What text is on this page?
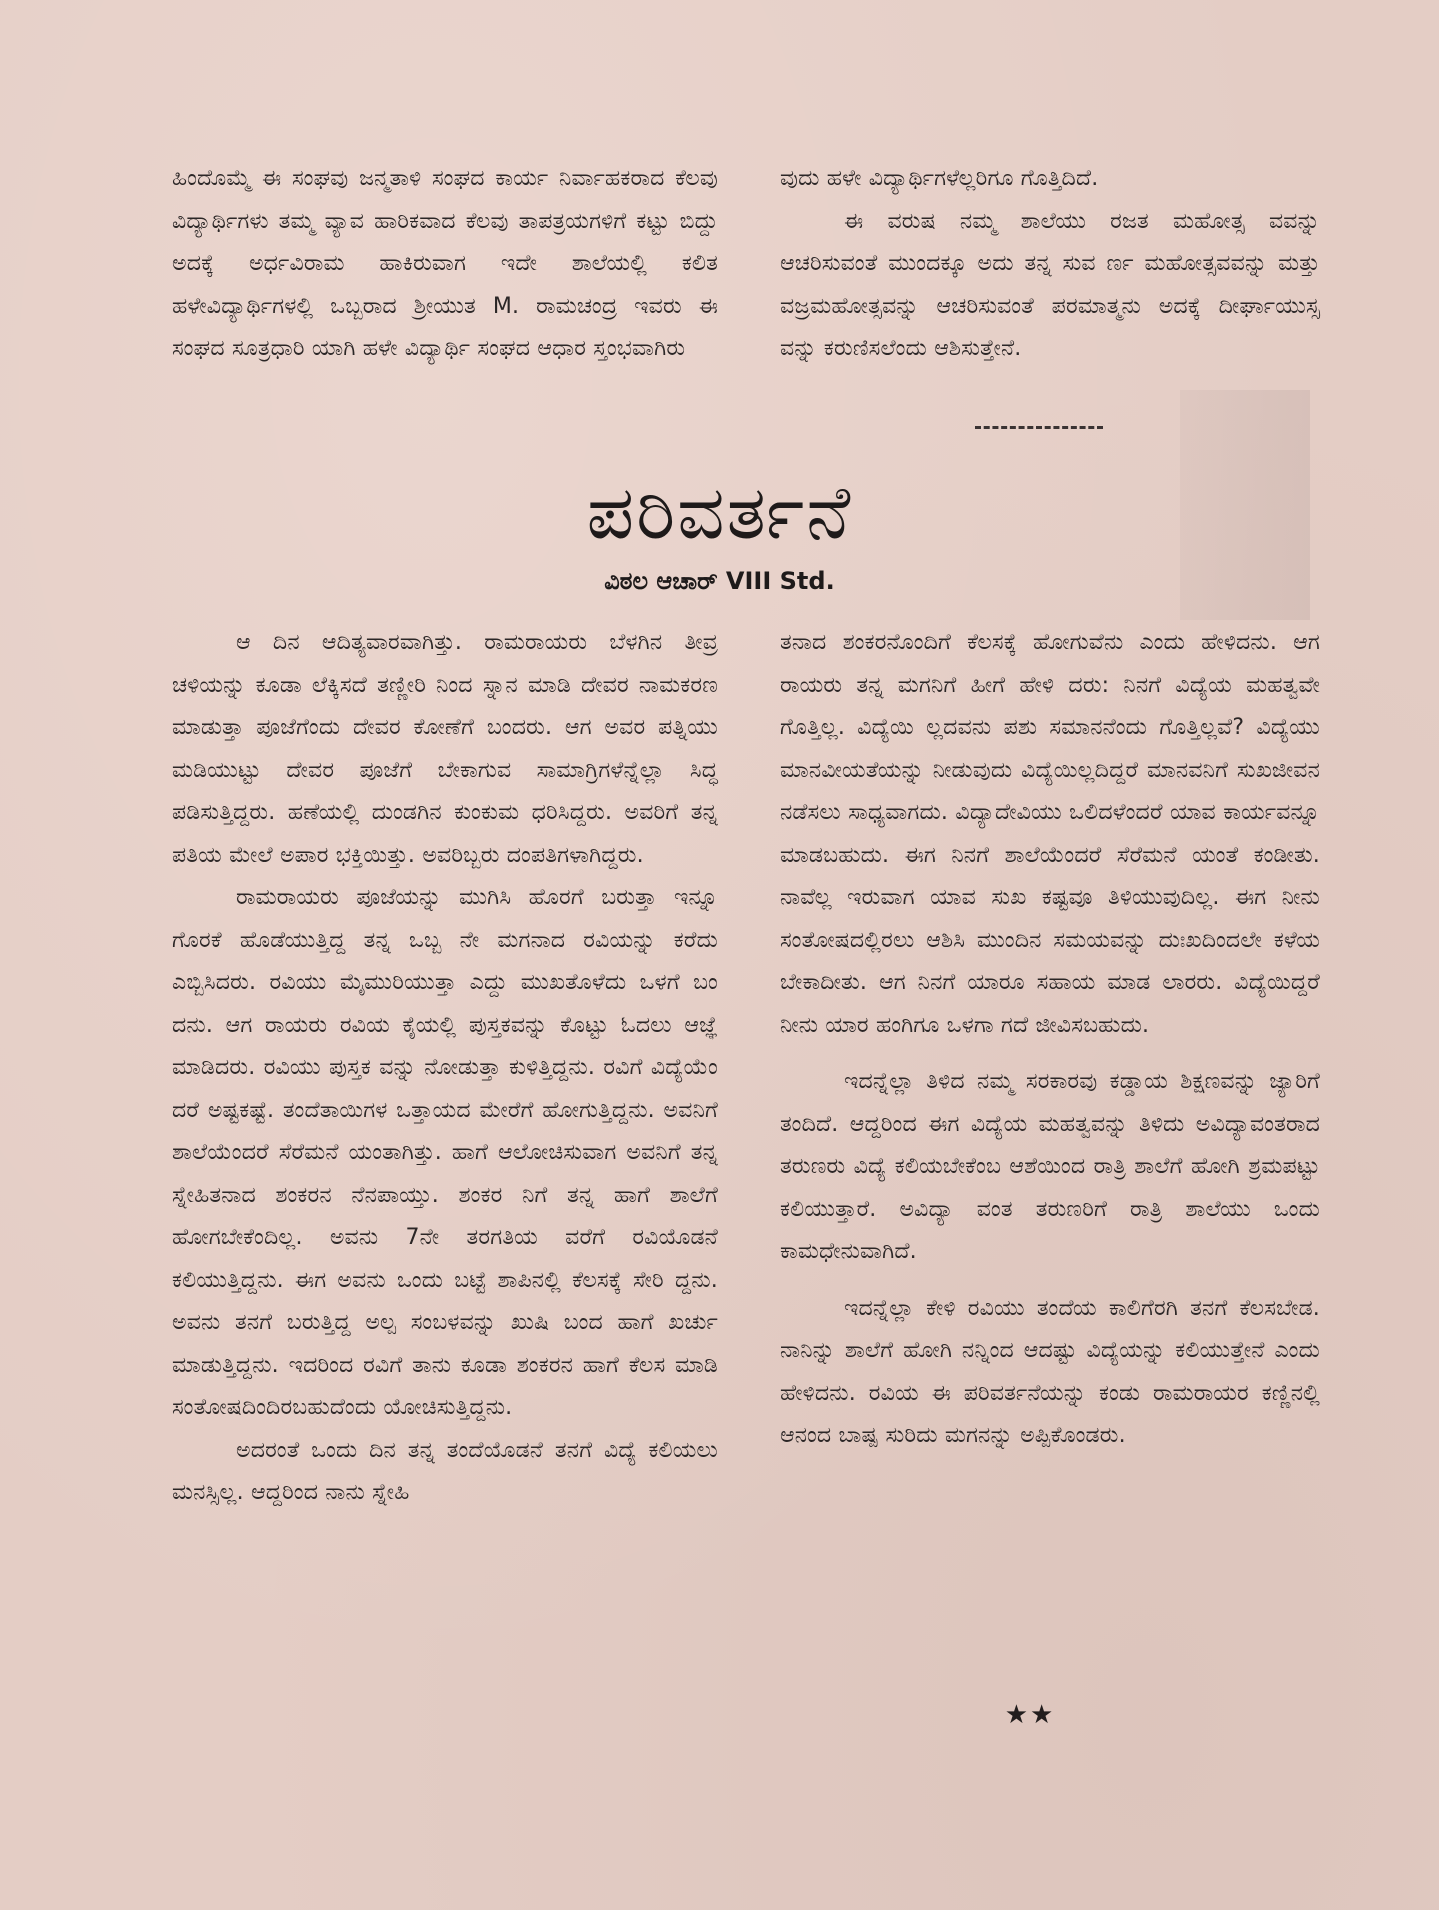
ಹಿಂದೊಮ್ಮೆ ಈ ಸಂಘವು ಜನ್ಮತಾಳಿ ಸಂಘದ ಕಾರ್ಯ ನಿರ್ವಾಹಕರಾದ ಕೆಲವು ವಿದ್ಯಾರ್ಥಿಗಳು ತಮ್ಮ ವ್ಯಾವ ಹಾರಿಕವಾದ ಕೆಲವು ತಾಪತ್ರಯಗಳಿಗೆ ಕಟ್ಟು ಬಿದ್ದು ಅದಕ್ಕೆ ಅರ್ಧವಿರಾಮ ಹಾಕಿರುವಾಗ ಇದೇ ಶಾಲೆಯಲ್ಲಿ ಕಲಿತ ಹಳೇವಿದ್ಯಾರ್ಥಿಗಳಲ್ಲಿ ಒಬ್ಬರಾದ ಶ್ರೀಯುತ M. ರಾಮಚಂದ್ರ ಇವರು ಈ ಸಂಘದ ಸೂತ್ರಧಾರಿ ಯಾಗಿ ಹಳೇ ವಿದ್ಯಾರ್ಥಿ ಸಂಘದ ಆಧಾರ ಸ್ತಂಭವಾಗಿರು

ವುದು ಹಳೇ ವಿದ್ಯಾರ್ಥಿಗಳೆಲ್ಲರಿಗೂ ಗೊತ್ತಿದಿದೆ.

ಈ ವರುಷ ನಮ್ಮ ಶಾಲೆಯು ರಜತ ಮಹೋತ್ಸ ವವನ್ನು ಆಚರಿಸುವಂತೆ ಮುಂದಕ್ಕೂ ಅದು ತನ್ನ ಸುವ ರ್ಣ ಮಹೋತ್ಸವವನ್ನು ಮತ್ತು ವಜ್ರಮಹೋತ್ಸವನ್ನು ಆಚರಿಸುವಂತೆ ಪರಮಾತ್ಮನು ಅದಕ್ಕೆ ದೀರ್ಘಾಯುಸ್ಸ ವನ್ನು ಕರುಣಿಸಲೆಂದು ಆಶಿಸುತ್ತೇನೆ.

ಪರಿವರ್ತನೆ
ವಿಠಲ ಆಚಾರ್ VIII Std.

ಆ ದಿನ ಆದಿತ್ಯವಾರವಾಗಿತ್ತು. ರಾಮರಾಯರು ಬೆಳಗಿನ ತೀವ್ರ ಚಳಿಯನ್ನು ಕೂಡಾ ಲೆಕ್ಕಿಸದೆ ತಣ್ಣೀರಿ ನಿಂದ ಸ್ನಾನ ಮಾಡಿ ದೇವರ ನಾಮಕರಣ ಮಾಡುತ್ತಾ ಪೂಜೆಗೆಂದು ದೇವರ ಕೋಣೆಗೆ ಬಂದರು. ಆಗ ಅವರ ಪತ್ನಿಯು ಮಡಿಯುಟ್ಟು ದೇವರ ಪೂಜೆಗೆ ಬೇಕಾಗುವ ಸಾಮಾಗ್ರಿಗಳೆನ್ನೆಲ್ಲಾ ಸಿದ್ಧ ಪಡಿಸುತ್ತಿದ್ದರು. ಹಣೆಯಲ್ಲಿ ದುಂಡಗಿನ ಕುಂಕುಮ ಧರಿಸಿದ್ದರು. ಅವರಿಗೆ ತನ್ನ ಪತಿಯ ಮೇಲೆ ಅಪಾರ ಭಕ್ತಿಯಿತ್ತು. ಅವರಿಬ್ಬರು ದಂಪತಿಗಳಾಗಿದ್ದರು.

ರಾಮರಾಯರು ಪೂಜೆಯನ್ನು ಮುಗಿಸಿ ಹೊರಗೆ ಬರುತ್ತಾ ಇನ್ನೂ ಗೊರಕೆ ಹೊಡೆಯುತ್ತಿದ್ದ ತನ್ನ ಒಬ್ಬ ನೇ ಮಗನಾದ ರವಿಯನ್ನು ಕರೆದು ಎಬ್ಬಿಸಿದರು. ರವಿಯು ಮೈಮುರಿಯುತ್ತಾ ಎದ್ದು ಮುಖತೊಳೆದು ಒಳಗೆ ಬಂ ದನು. ಆಗ ರಾಯರು ರವಿಯ ಕೈಯಲ್ಲಿ ಪುಸ್ತಕವನ್ನು ಕೊಟ್ಟು ಓದಲು ಆಜ್ಞೆ ಮಾಡಿದರು. ರವಿಯು ಪುಸ್ತಕ ವನ್ನು ನೋಡುತ್ತಾ ಕುಳಿತ್ತಿದ್ದನು. ರವಿಗೆ ವಿದ್ಯೆಯೆಂ ದರೆ ಅಷ್ಟಕಷ್ಟೆ. ತಂದೆತಾಯಿಗಳ ಒತ್ತಾಯದ ಮೇರೆಗೆ ಹೋಗುತ್ತಿದ್ದನು. ಅವನಿಗೆ ಶಾಲೆಯೆಂದರೆ ಸೆರೆಮನೆ ಯಂತಾಗಿತ್ತು. ಹಾಗೆ ಆಲೋಚಿಸುವಾಗ ಅವನಿಗೆ ತನ್ನ ಸ್ನೇಹಿತನಾದ ಶಂಕರನ ನೆನಪಾಯ್ತು. ಶಂಕರ ನಿಗೆ ತನ್ನ ಹಾಗೆ ಶಾಲೆಗೆ ಹೋಗಬೇಕೆಂದಿಲ್ಲ. ಅವನು 7ನೇ ತರಗತಿಯ ವರೆಗೆ ರವಿಯೊಡನೆ ಕಲಿಯುತ್ತಿದ್ದನು. ಈಗ ಅವನು ಒಂದು ಬಟ್ಟೆ ಶಾಪಿನಲ್ಲಿ ಕೆಲಸಕ್ಕೆ ಸೇರಿ ದ್ದನು. ಅವನು ತನಗೆ ಬರುತ್ತಿದ್ದ ಅಲ್ಪ ಸಂಬಳವನ್ನು ಖುಷಿ ಬಂದ ಹಾಗೆ ಖರ್ಚು ಮಾಡುತ್ತಿದ್ದನು. ಇದರಿಂದ ರವಿಗೆ ತಾನು ಕೂಡಾ ಶಂಕರನ ಹಾಗೆ ಕೆಲಸ ಮಾಡಿ ಸಂತೋಷದಿಂದಿರಬಹುದೆಂದು ಯೋಚಿಸುತ್ತಿದ್ದನು.

ಅದರಂತೆ ಒಂದು ದಿನ ತನ್ನ ತಂದೆಯೊಡನೆ ತನಗೆ ವಿದ್ಯೆ ಕಲಿಯಲು ಮನಸ್ಸಿಲ್ಲ. ಆದ್ದರಿಂದ ನಾನು ಸ್ನೇಹಿ

ತನಾದ ಶಂಕರನೊಂದಿಗೆ ಕೆಲಸಕ್ಕೆ ಹೋಗುವೆನು ಎಂದು ಹೇಳಿದನು. ಆಗ ರಾಯರು ತನ್ನ ಮಗನಿಗೆ ಹೀಗೆ ಹೇಳಿ ದರು: ನಿನಗೆ ವಿದ್ಯೆಯ ಮಹತ್ವವೇ ಗೊತ್ತಿಲ್ಲ. ವಿದ್ಯೆಯಿ ಲ್ಲದವನು ಪಶು ಸಮಾನನೆಂದು ಗೊತ್ತಿಲ್ಲವೆ? ವಿದ್ಯೆಯು ಮಾನವೀಯತೆಯನ್ನು ನೀಡುವುದು ವಿದ್ಯೆಯಿಲ್ಲದಿದ್ದರೆ ಮಾನವನಿಗೆ ಸುಖಜೀವನ ನಡೆಸಲು ಸಾಧ್ಯವಾಗದು. ವಿದ್ಯಾದೇವಿಯು ಒಲಿದಳೆಂದರೆ ಯಾವ ಕಾರ್ಯವನ್ನೂ ಮಾಡಬಹುದು. ಈಗ ನಿನಗೆ ಶಾಲೆಯೆಂದರೆ ಸೆರೆಮನೆ ಯಂತೆ ಕಂಡೀತು. ನಾವೆಲ್ಲ ಇರುವಾಗ ಯಾವ ಸುಖ ಕಷ್ಟವೂ ತಿಳಿಯುವುದಿಲ್ಲ. ಈಗ ನೀನು ಸಂತೋಷದಲ್ಲಿರಲು ಆಶಿಸಿ ಮುಂದಿನ ಸಮಯವನ್ನು ದುಃಖದಿಂದಲೇ ಕಳೆಯ ಬೇಕಾದೀತು. ಆಗ ನಿನಗೆ ಯಾರೂ ಸಹಾಯ ಮಾಡ ಲಾರರು. ವಿದ್ಯೆಯಿದ್ದರೆ ನೀನು ಯಾರ ಹಂಗಿಗೂ ಒಳಗಾ ಗದೆ ಜೀವಿಸಬಹುದು.

ಇದನ್ನೆಲ್ಲಾ ತಿಳಿದ ನಮ್ಮ ಸರಕಾರವು ಕಡ್ಡಾಯ ಶಿಕ್ಷಣವನ್ನು ಜ್ಯಾರಿಗೆ ತಂದಿದೆ. ಆದ್ದರಿಂದ ಈಗ ವಿದ್ಯೆಯ ಮಹತ್ವವನ್ನು ತಿಳಿದು ಅವಿದ್ಯಾವಂತರಾದ ತರುಣರು ವಿದ್ಯೆ ಕಲಿಯಬೇಕೆಂಬ ಆಶೆಯಿಂದ ರಾತ್ರಿ ಶಾಲೆಗೆ ಹೋಗಿ ಶ್ರಮಪಟ್ಟು ಕಲಿಯುತ್ತಾರೆ. ಅವಿದ್ಯಾ ವಂತ ತರುಣರಿಗೆ ರಾತ್ರಿ ಶಾಲೆಯು ಒಂದು ಕಾಮಧೇನುವಾಗಿದೆ.

ಇದನ್ನೆಲ್ಲಾ ಕೇಳಿ ರವಿಯು ತಂದೆಯ ಕಾಲಿಗೆರಗಿ ತನಗೆ ಕೆಲಸಬೇಡ. ನಾನಿನ್ನು ಶಾಲೆಗೆ ಹೋಗಿ ನನ್ನಿಂದ ಆದಷ್ಟು ವಿದ್ಯೆಯನ್ನು ಕಲಿಯುತ್ತೇನೆ ಎಂದು ಹೇಳಿದನು. ರವಿಯ ಈ ಪರಿವರ್ತನೆಯನ್ನು ಕಂಡು ರಾಮರಾಯರ ಕಣ್ಣಿನಲ್ಲಿ ಆನಂದ ಬಾಷ್ಪ ಸುರಿದು ಮಗನನ್ನು ಅಪ್ಪಿಕೊಂಡರು.

★★
